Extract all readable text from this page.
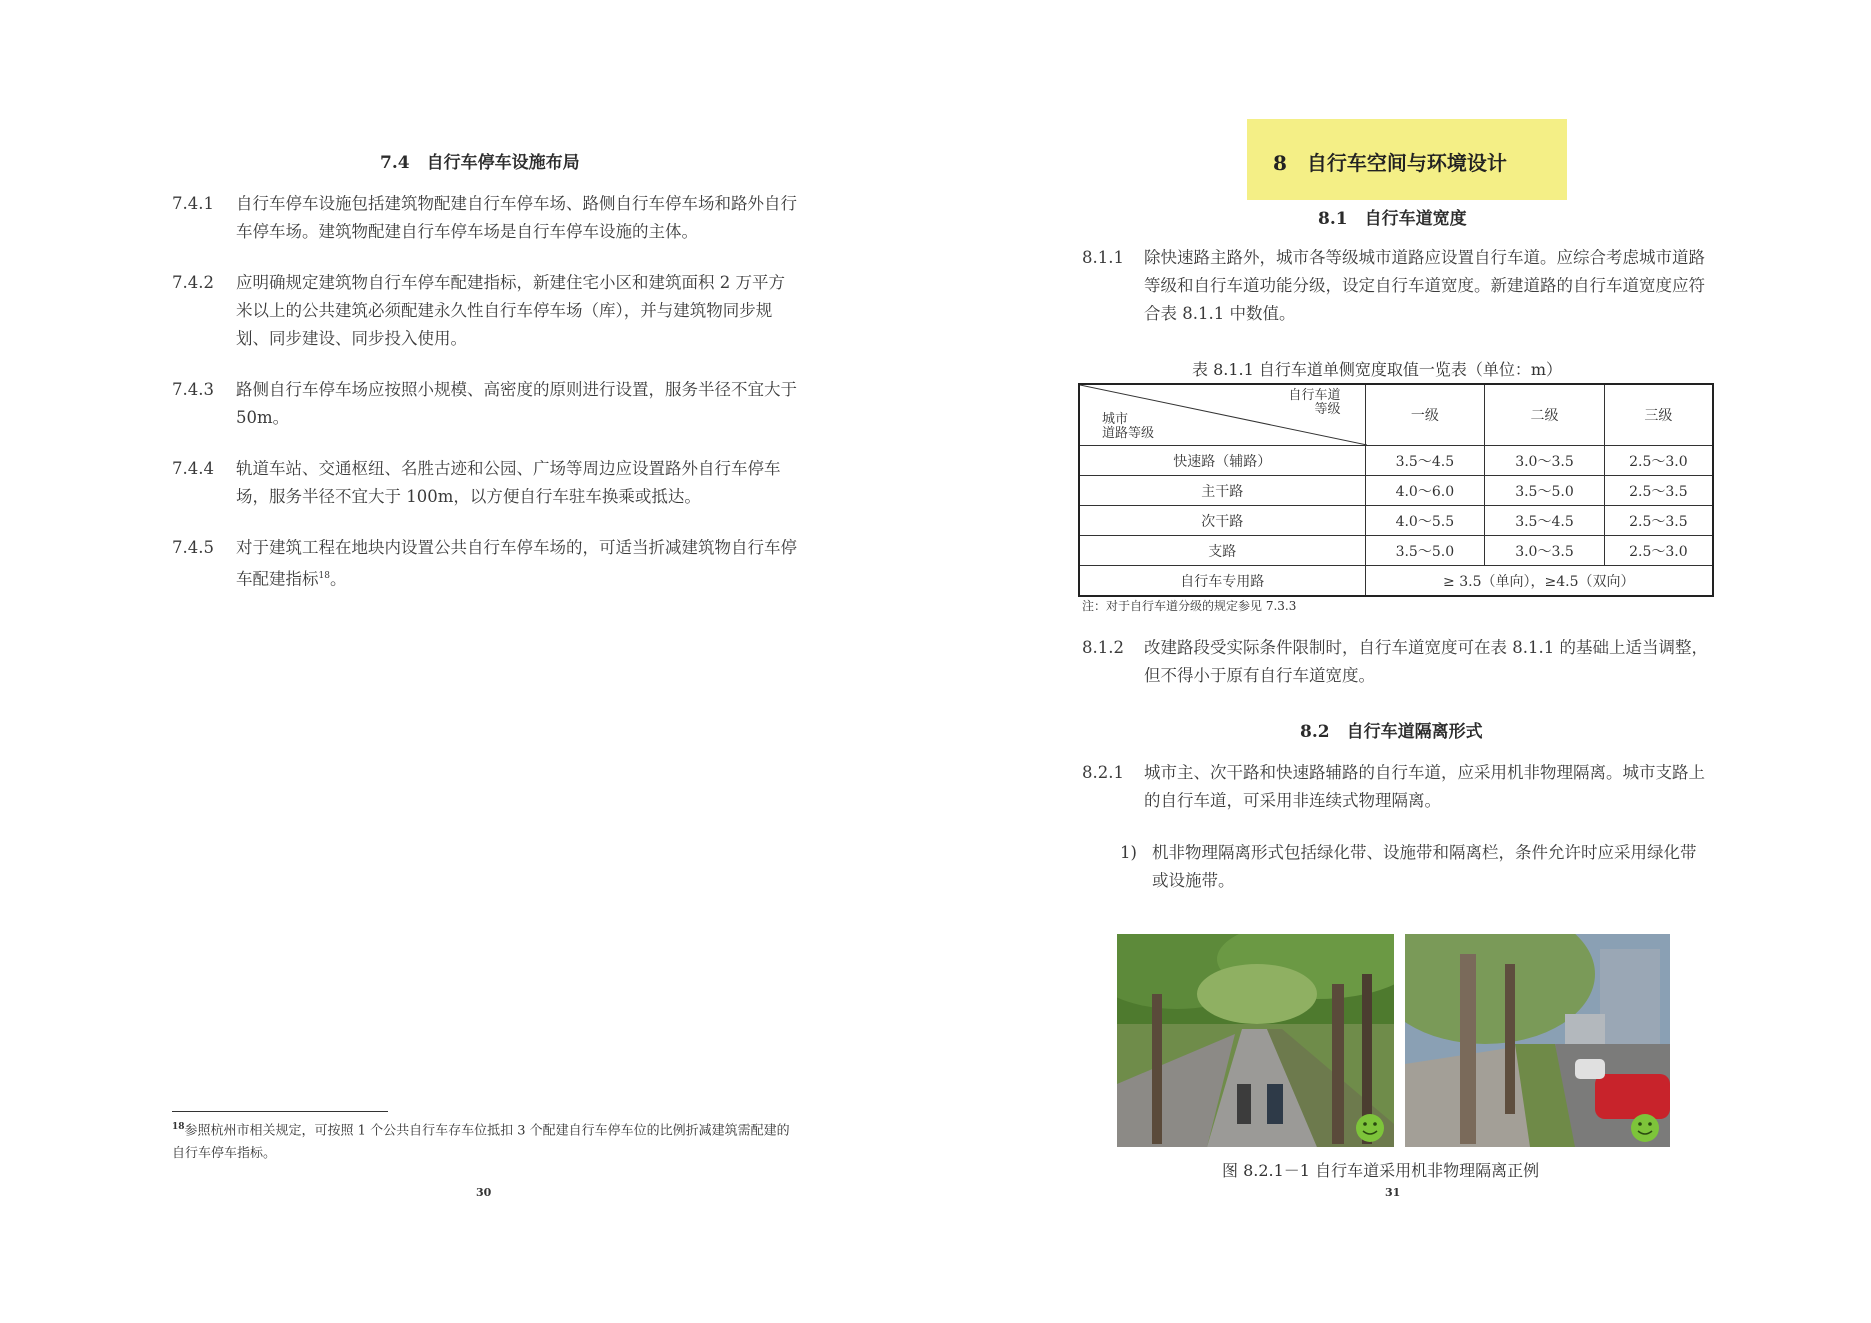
7.4　自行车停车设施布局
7.4.1 自行车停车设施包括建筑物配建自行车停车场、路侧自行车停车场和路外自行车停车场。建筑物配建自行车停车场是自行车停车设施的主体。
7.4.2 应明确规定建筑物自行车停车配建指标，新建住宅小区和建筑面积 2 万平方米以上的公共建筑必须配建永久性自行车停车场（库），并与建筑物同步规划、同步建设、同步投入使用。
7.4.3 路侧自行车停车场应按照小规模、高密度的原则进行设置，服务半径不宜大于 50m。
7.4.4 轨道车站、交通枢纽、名胜古迹和公园、广场等周边应设置路外自行车停车场，服务半径不宜大于 100m，以方便自行车驻车换乘或抵达。
7.4.5 对于建筑工程在地块内设置公共自行车停车场的，可适当折减建筑物自行车停车配建指标$^{18}$。
$^{18}$参照杭州市相关规定，可按照 1 个公共自行车存车位抵扣 3 个配建自行车停车位的比例折减建筑需配建的自行车停车指标。
30
8　自行车空间与环境设计
8.1　自行车道宽度
8.1.1 除快速路主路外，城市各等级城市道路应设置自行车道。应综合考虑城市道路等级和自行车道功能分级，设定自行车道宽度。新建道路的自行车道宽度应符合表 8.1.1 中数值。
表 8.1.1 自行车道单侧宽度取值一览表（单位：m）
自行车道
等级
城市
道路等级	一级	二级	三级
快速路（辅路）	3.5～4.5	3.0～3.5	2.5～3.0
主干路	4.0～6.0	3.5～5.0	2.5～3.5
次干路	4.0～5.5	3.5～4.5	2.5～3.5
支路	3.5～5.0	3.0～3.5	2.5～3.0
自行车专用路	≥ 3.5（单向），≥4.5（双向）		
注：对于自行车道分级的规定参见 7.3.3
8.1.2 改建路段受实际条件限制时，自行车道宽度可在表 8.1.1 的基础上适当调整，但不得小于原有自行车道宽度。
8.2　自行车道隔离形式
8.2.1 城市主、次干路和快速路辅路的自行车道，应采用机非物理隔离。城市支路上的自行车道，可采用非连续式物理隔离。
1) 机非物理隔离形式包括绿化带、设施带和隔离栏，条件允许时应采用绿化带或设施带。
图 8.2.1－1 自行车道采用机非物理隔离正例
31
